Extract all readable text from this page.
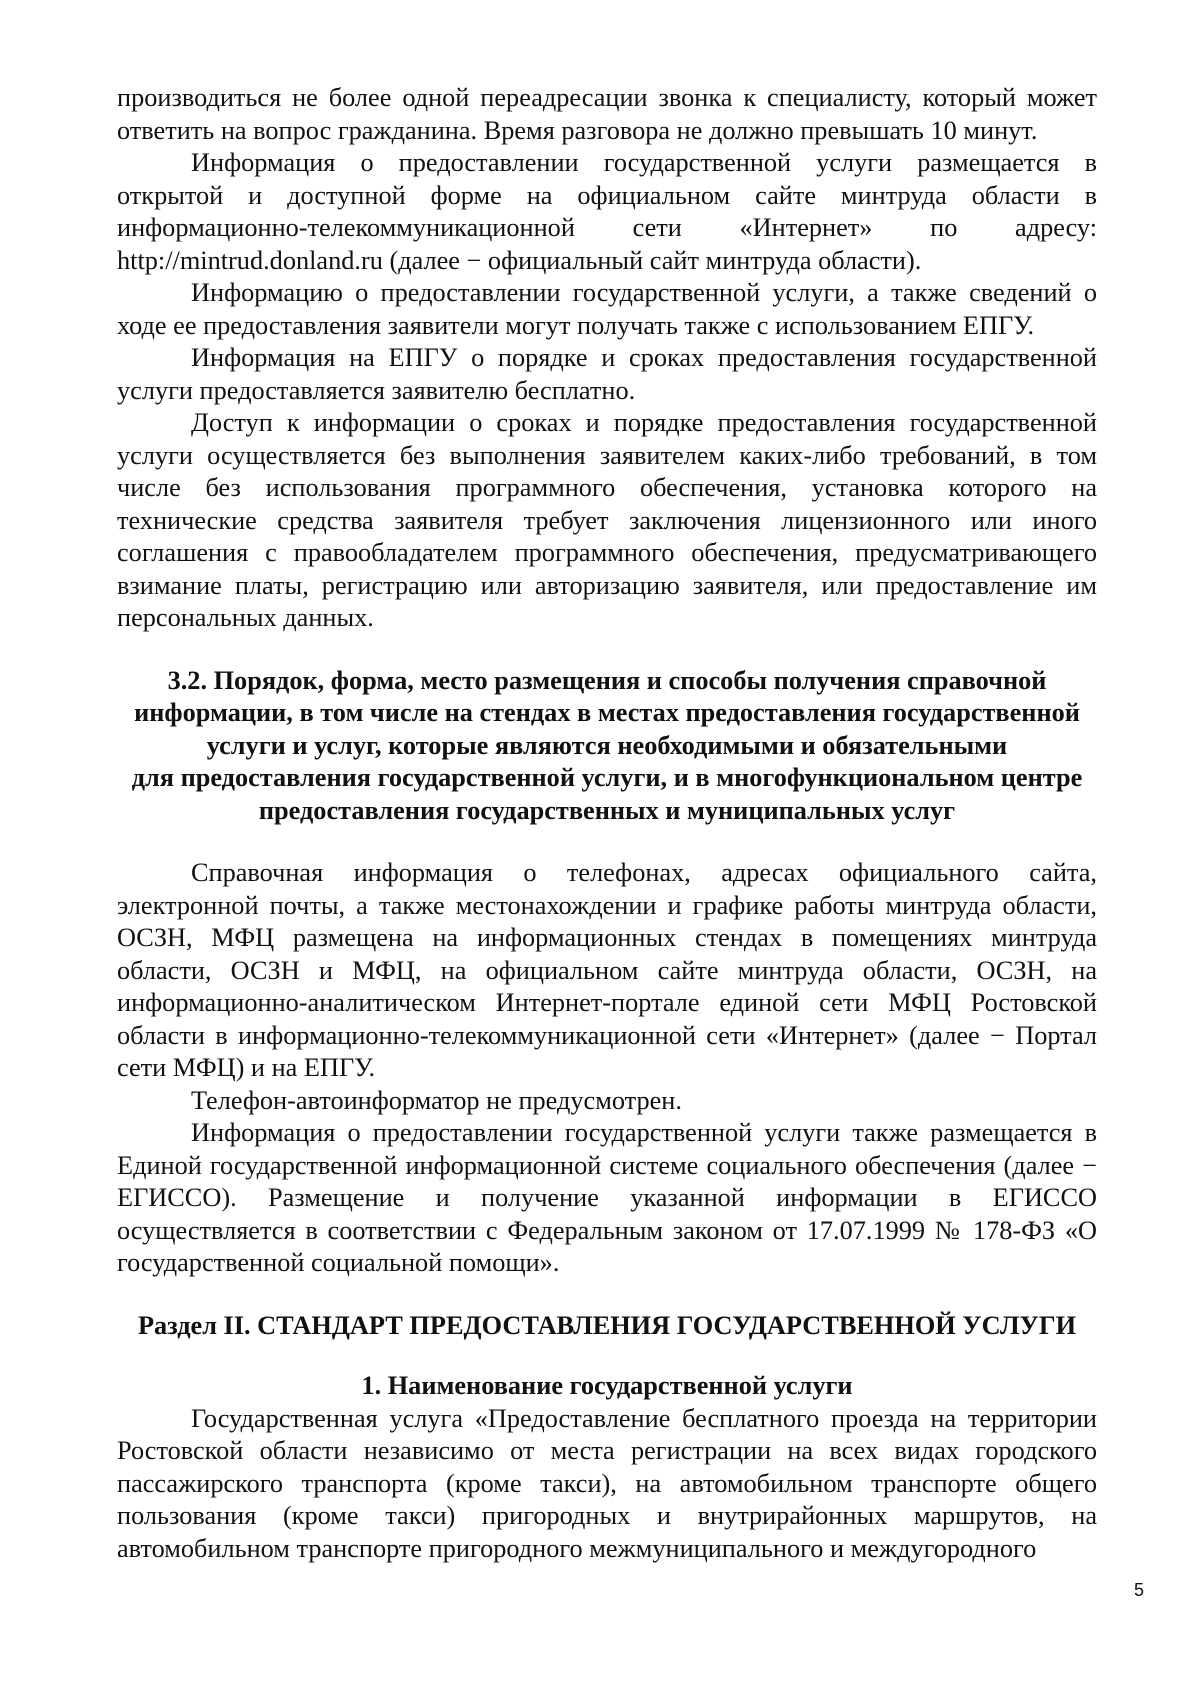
производиться не более одной переадресации звонка к специалисту, который может ответить на вопрос гражданина. Время разговора не должно превышать 10 минут.

Информация о предоставлении государственной услуги размещается в открытой и доступной форме на официальном сайте минтруда области в информационно-телекоммуникационной сети «Интернет» по адресу: http://mintrud.donland.ru (далее − официальный сайт минтруда области).

Информацию о предоставлении государственной услуги, а также сведений о ходе ее предоставления заявители могут получать также с использованием ЕПГУ.

Информация на ЕПГУ о порядке и сроках предоставления государственной услуги предоставляется заявителю бесплатно.

Доступ к информации о сроках и порядке предоставления государственной услуги осуществляется без выполнения заявителем каких-либо требований, в том числе без использования программного обеспечения, установка которого на технические средства заявителя требует заключения лицензионного или иного соглашения с правообладателем программного обеспечения, предусматривающего взимание платы, регистрацию или авторизацию заявителя, или предоставление им персональных данных.

3.2. Порядок, форма, место размещения и способы получения справочной
информации, в том числе на стендах в местах предоставления государственной
услуги и услуг, которые являются необходимыми и обязательными
для предоставления государственной услуги, и в многофункциональном центре
предоставления государственных и муниципальных услуг

Справочная информация о телефонах, адресах официального сайта, электронной почты, а также местонахождении и графике работы минтруда области, ОСЗН, МФЦ размещена на информационных стендах в помещениях минтруда области, ОСЗН и МФЦ, на официальном сайте минтруда области, ОСЗН, на информационно-аналитическом Интернет-портале единой сети МФЦ Ростовской области в информационно-телекоммуникационной сети «Интернет» (далее − Портал сети МФЦ) и на ЕПГУ.

Телефон-автоинформатор не предусмотрен.

Информация о предоставлении государственной услуги также размещается в Единой государственной информационной системе социального обеспечения (далее − ЕГИССО). Размещение и получение указанной информации в ЕГИССО осуществляется в соответствии с Федеральным законом от 17.07.1999 № 178-ФЗ «О государственной социальной помощи».

Раздел II. СТАНДАРТ ПРЕДОСТАВЛЕНИЯ ГОСУДАРСТВЕННОЙ УСЛУГИ

1. Наименование государственной услуги

Государственная услуга «Предоставление бесплатного проезда на территории Ростовской области независимо от места регистрации на всех видах городского пассажирского транспорта (кроме такси), на автомобильном транспорте общего пользования (кроме такси) пригородных и внутрирайонных маршрутов, на автомобильном транспорте пригородного межмуниципального и междугородного

5
